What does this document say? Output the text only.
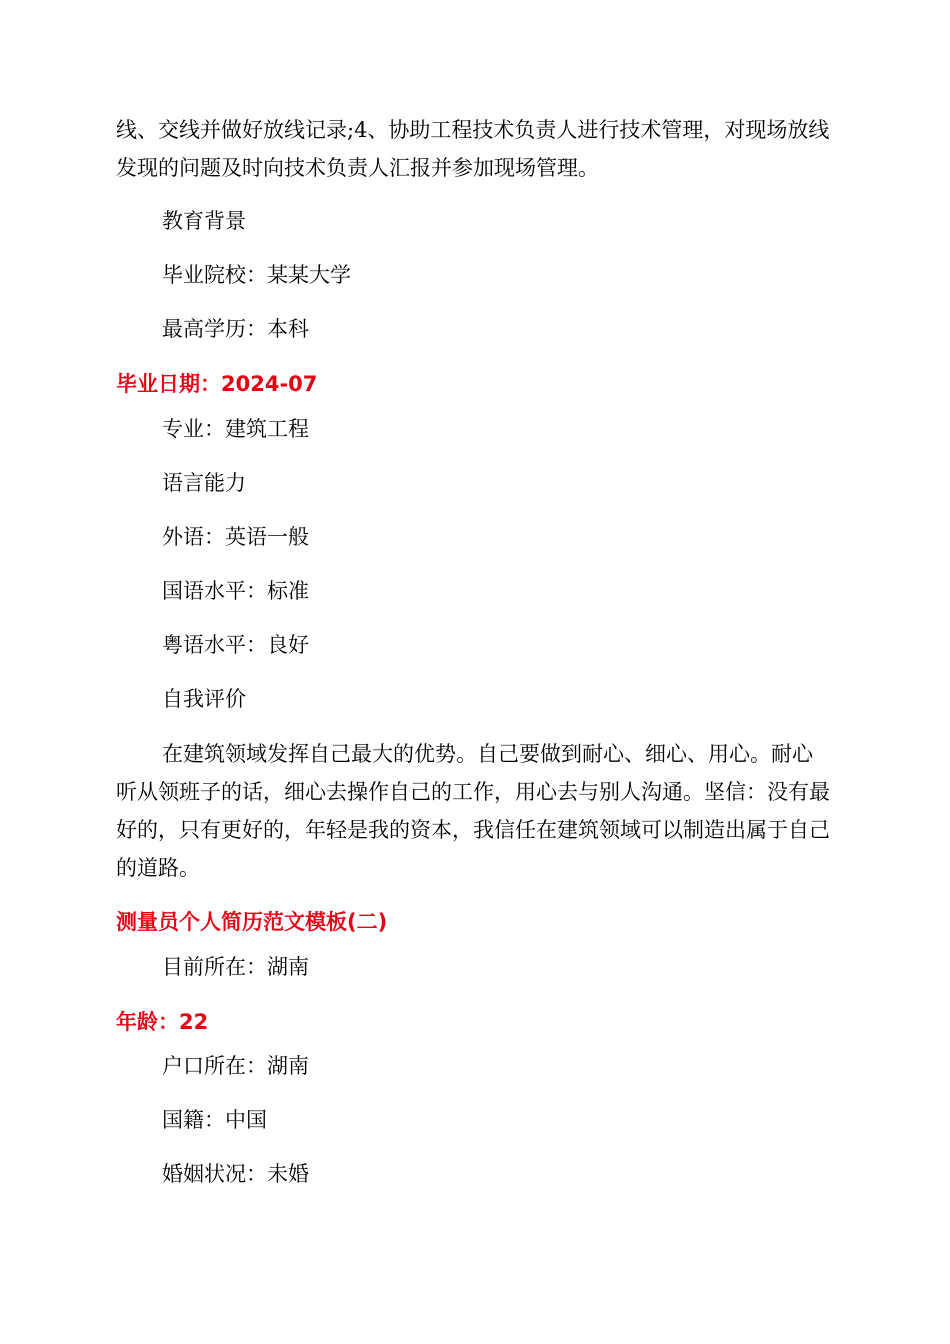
线、交线并做好放线记录;4、协助工程技术负责人进行技术管理，对现场放线发现的问题及时向技术负责人汇报并参加现场管理。
教育背景
毕业院校：某某大学
最高学历：本科
毕业日期：2024-07
专业：建筑工程
语言能力
外语：英语一般
国语水平：标准
粤语水平：良好
自我评价
在建筑领域发挥自己最大的优势。自己要做到耐心、细心、用心。耐心听从领班子的话，细心去操作自己的工作，用心去与别人沟通。坚信：没有最好的，只有更好的，年轻是我的资本，我信任在建筑领域可以制造出属于自己的道路。
测量员个人简历范文模板(二)
目前所在：湖南
年龄：22
户口所在：湖南
国籍：中国
婚姻状况：未婚
